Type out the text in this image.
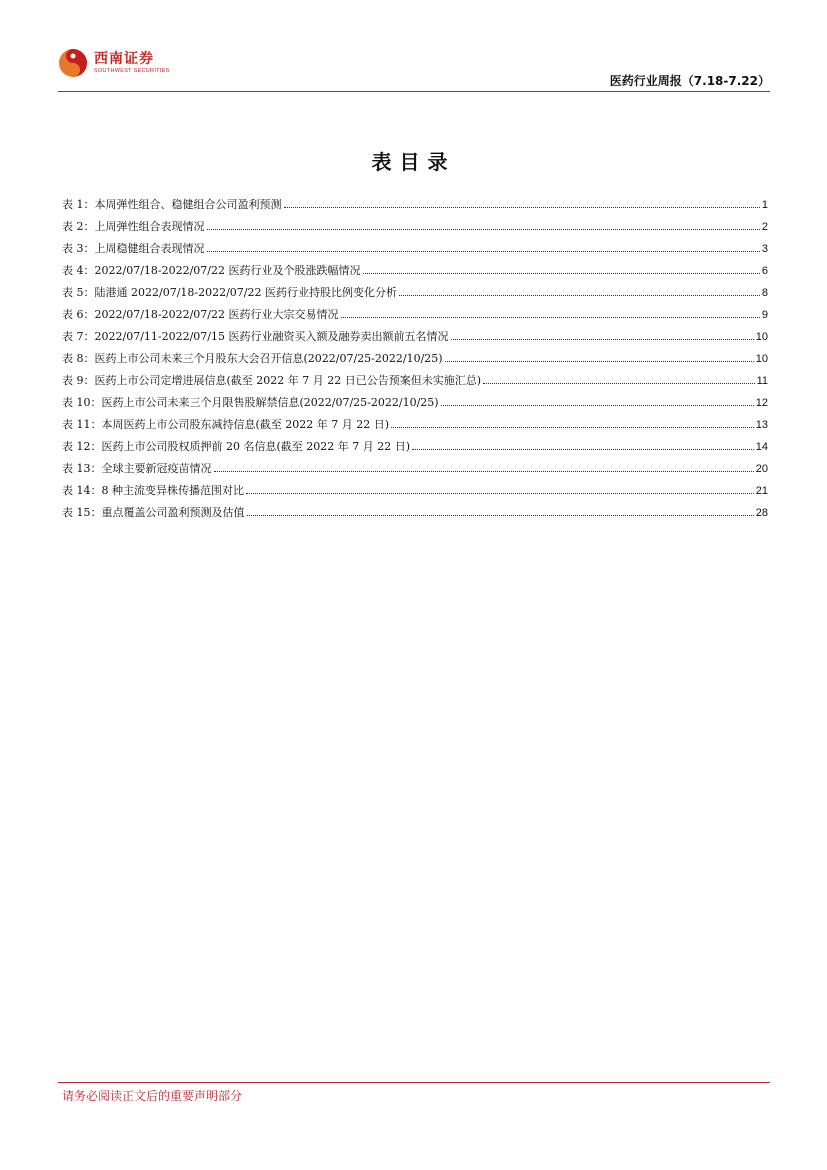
西南证券
SOUTHWEST SECURITIES
医药行业周报（7.18-7.22）
表目录
表 1：本周弹性组合、稳健组合公司盈利预测	1
表 2：上周弹性组合表现情况	2
表 3：上周稳健组合表现情况	3
表 4：2022/07/18-2022/07/22 医药行业及个股涨跌幅情况	6
表 5：陆港通 2022/07/18-2022/07/22 医药行业持股比例变化分析	8
表 6：2022/07/18-2022/07/22 医药行业大宗交易情况	9
表 7：2022/07/11-2022/07/15 医药行业融资买入额及融券卖出额前五名情况	10
表 8：医药上市公司未来三个月股东大会召开信息(2022/07/25-2022/10/25)	10
表 9：医药上市公司定增进展信息(截至 2022 年 7 月 22 日已公告预案但未实施汇总)	11
表 10：医药上市公司未来三个月限售股解禁信息(2022/07/25-2022/10/25)	12
表 11：本周医药上市公司股东减持信息(截至 2022 年 7 月 22 日)	13
表 12：医药上市公司股权质押前 20 名信息(截至 2022 年 7 月 22 日)	14
表 13：全球主要新冠疫苗情况	20
表 14：8 种主流变异株传播范围对比	21
表 15：重点覆盖公司盈利预测及估值	28
请务必阅读正文后的重要声明部分
